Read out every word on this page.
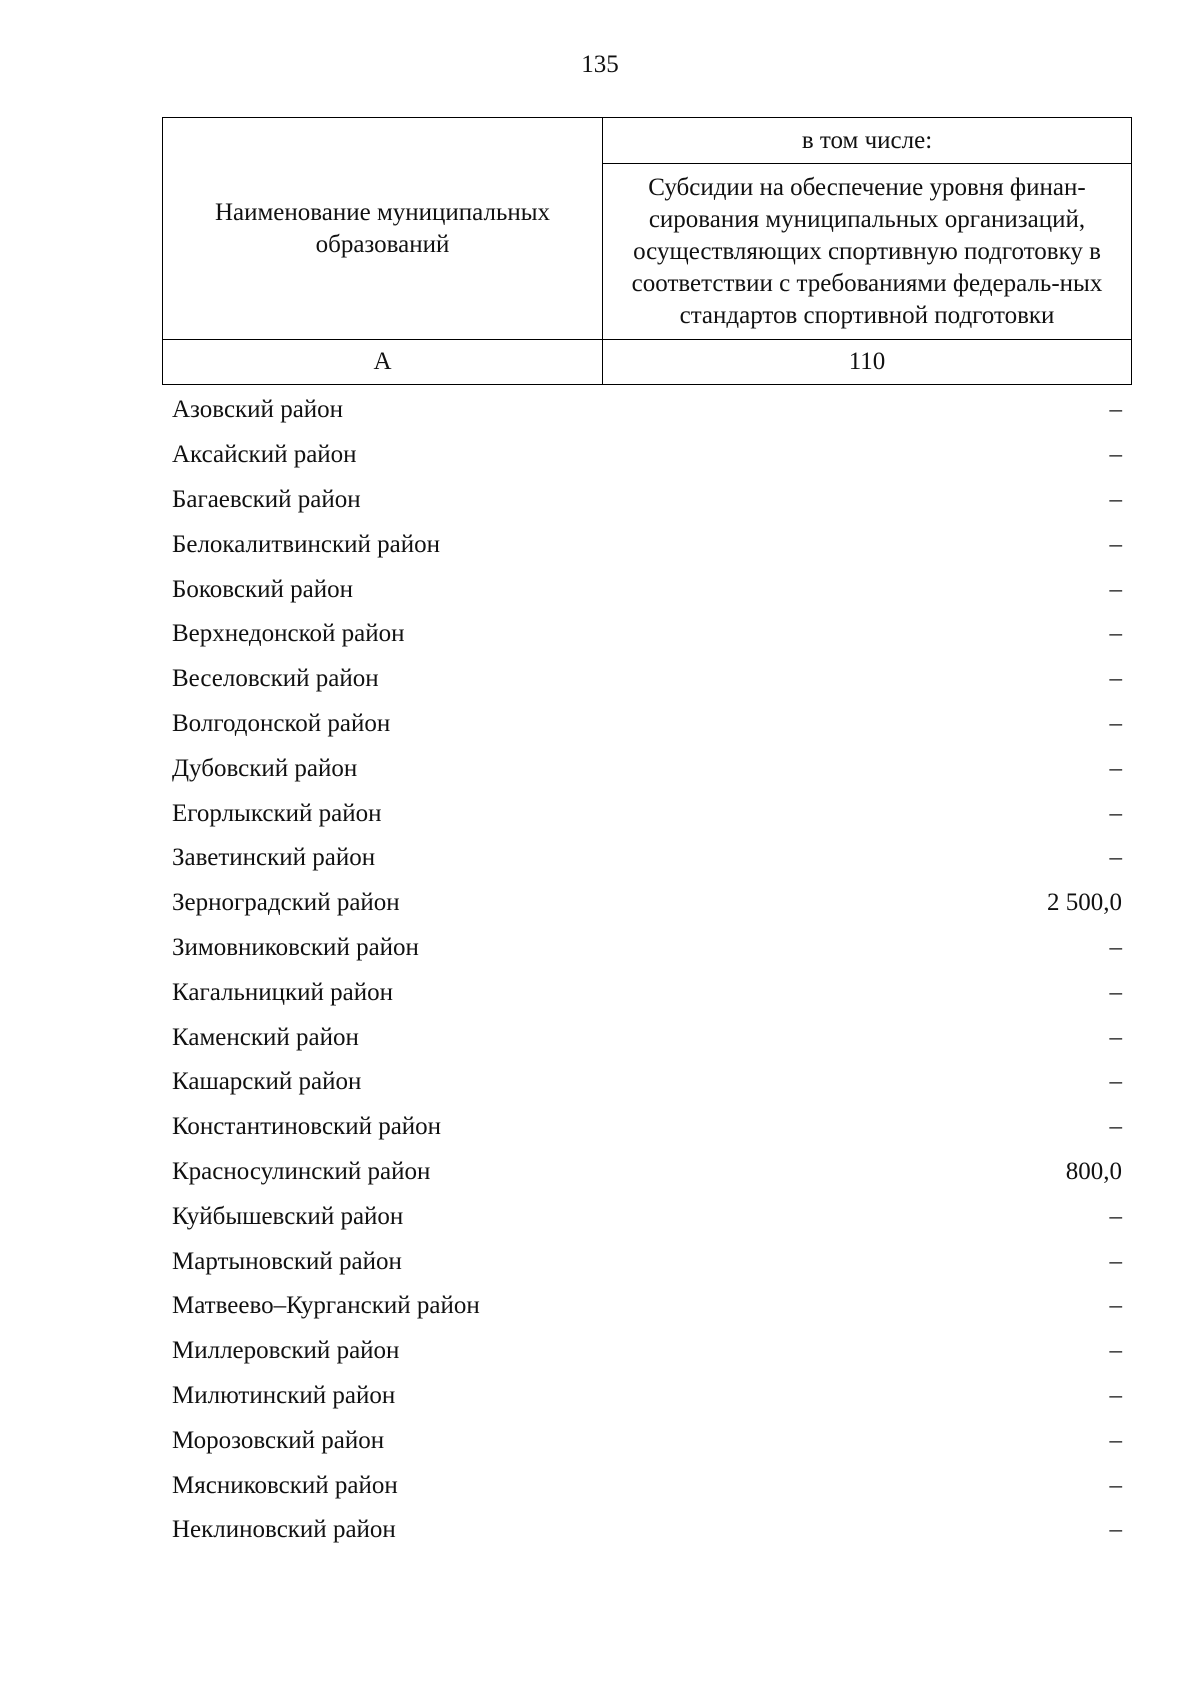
135
Наименование муниципальных образований	в том числе:
	Субсидии на обеспечение уровня финан-сирования муниципальных организаций, осуществляющих спортивную подготовку в соответствии с требованиями федераль-ных стандартов спортивной подготовки
А	110
Азовский район	–
Аксайский район	–
Багаевский район	–
Белокалитвинский район	–
Боковский район	–
Верхнедонской район	–
Веселовский район	–
Волгодонской район	–
Дубовский район	–
Егорлыкский район	–
Заветинский район	–
Зерноградский район	2 500,0
Зимовниковский район	–
Кагальницкий район	–
Каменский район	–
Кашарский район	–
Константиновский район	–
Красносулинский район	800,0
Куйбышевский район	–
Мартыновский район	–
Матвеево–Курганский район	–
Миллеровский район	–
Милютинский район	–
Морозовский район	–
Мясниковский район	–
Неклиновский район	–
